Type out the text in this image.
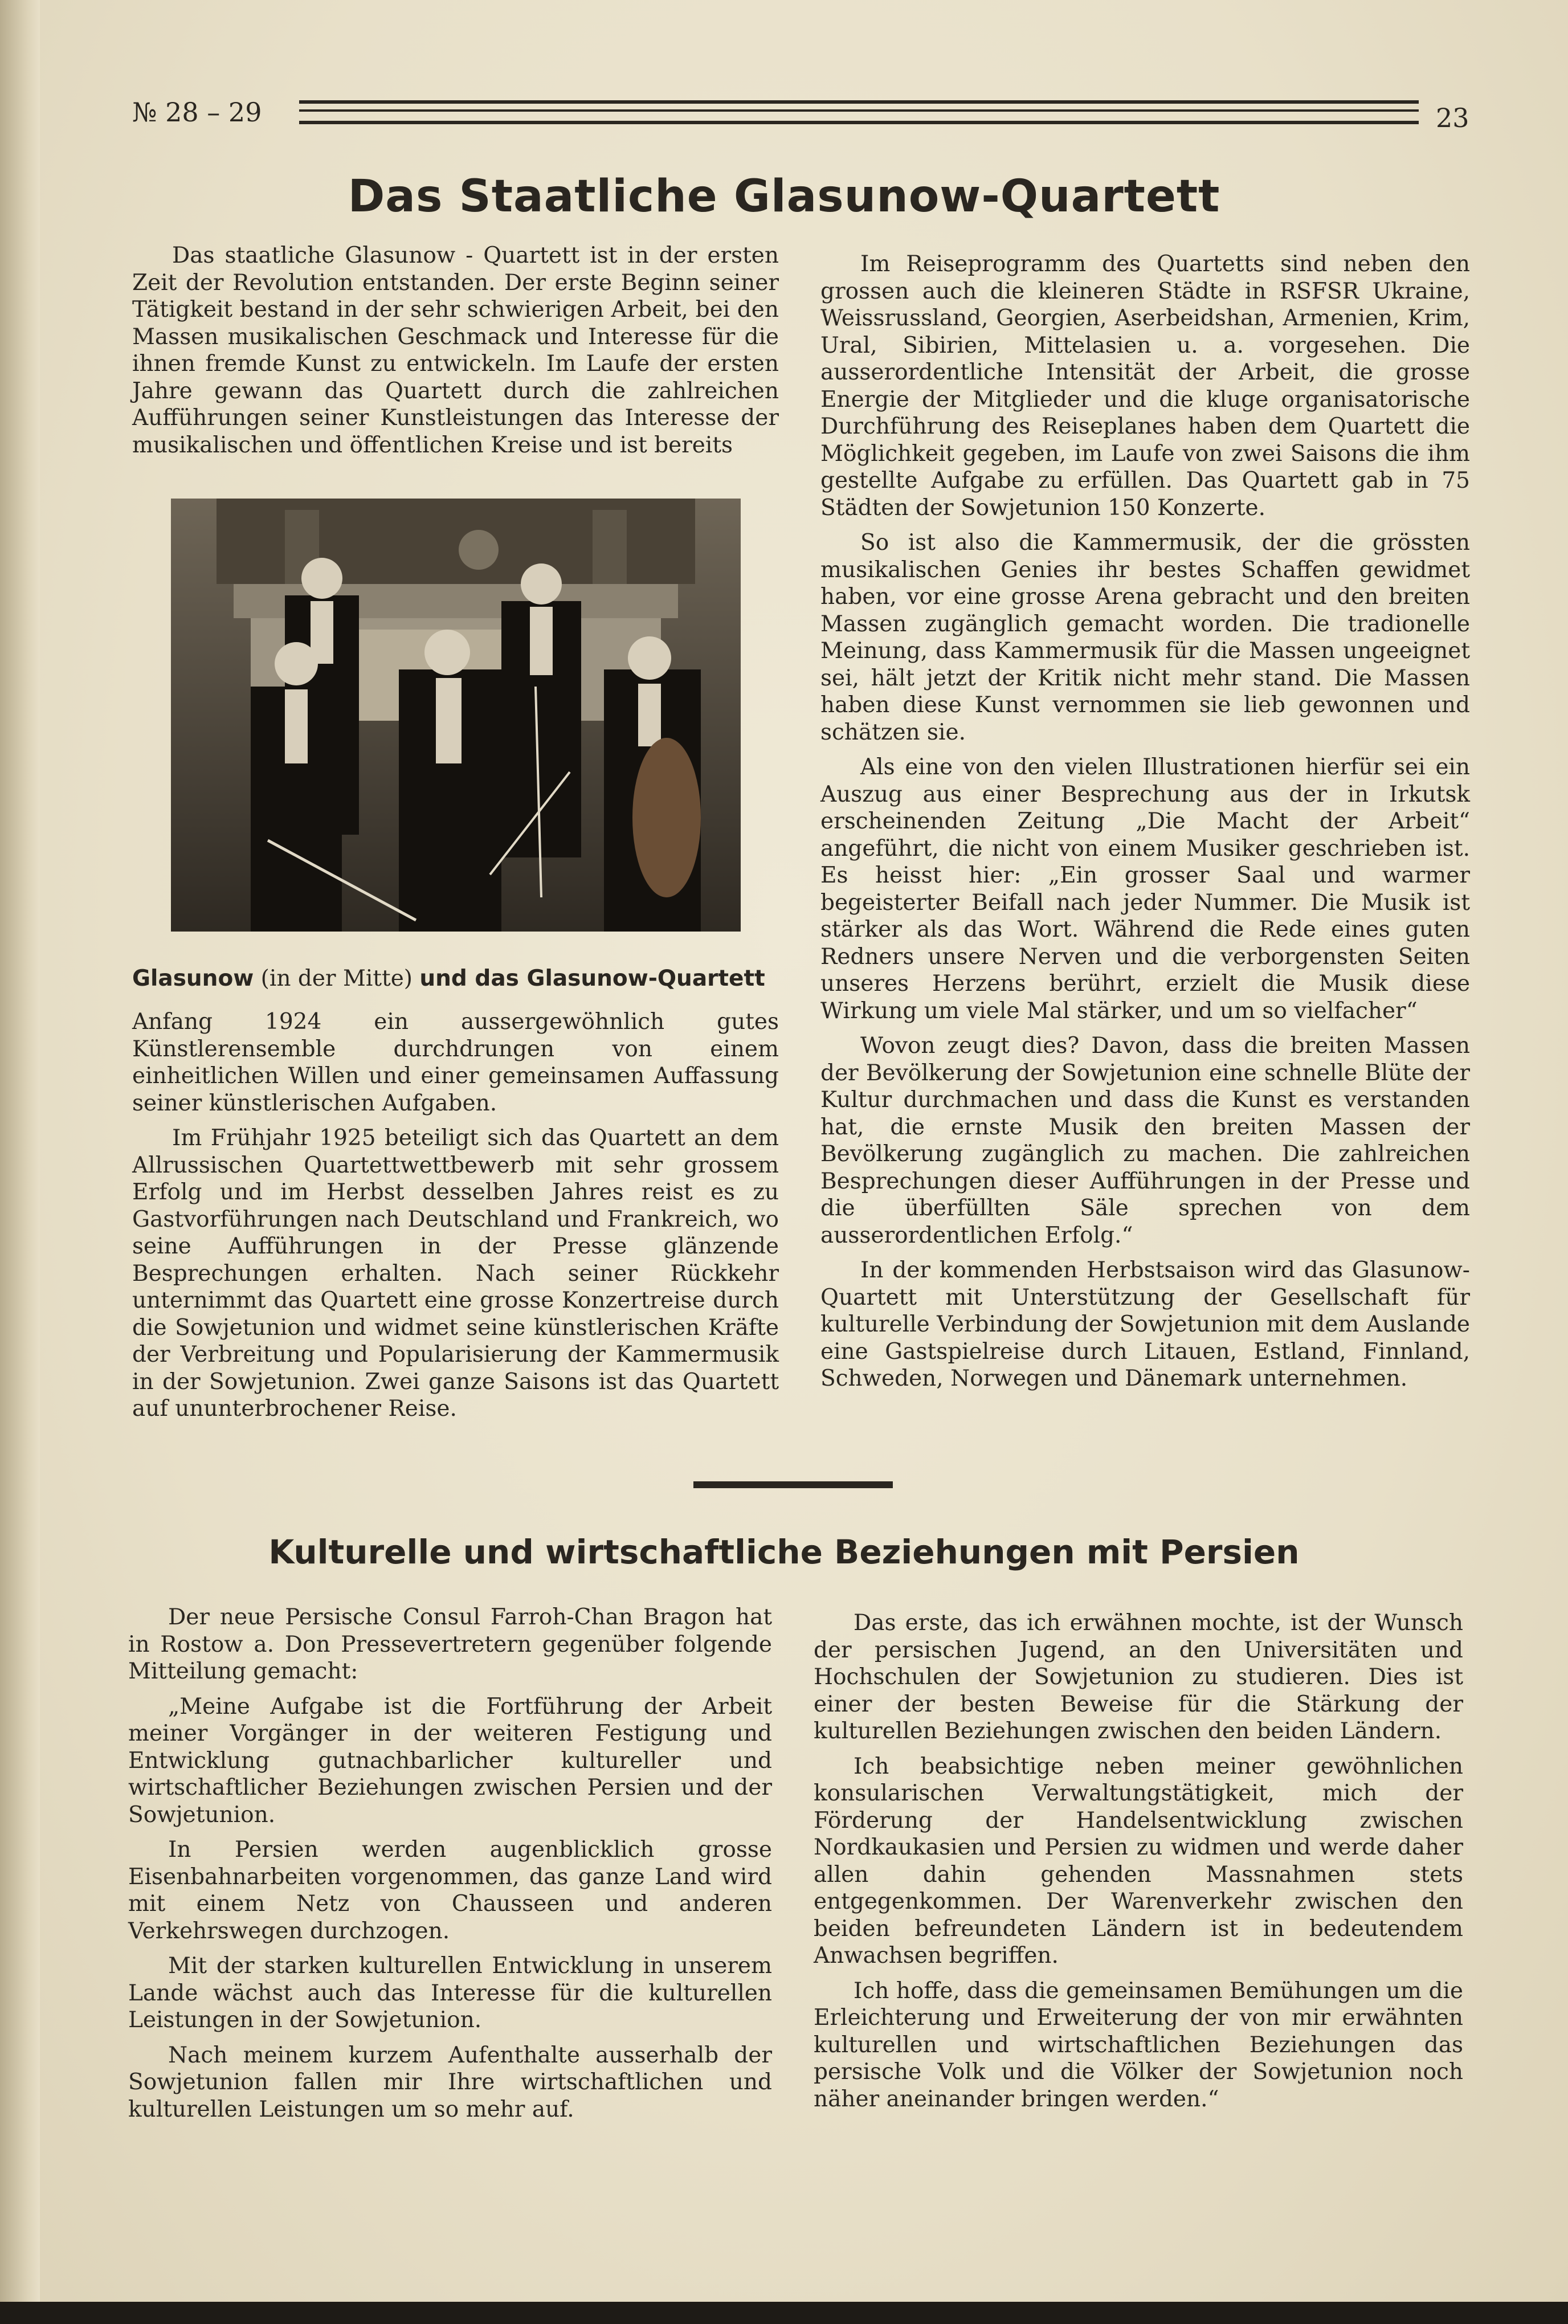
№ 28 – 29	23
Das Staatliche Glasunow-Quartett

Das staatliche Glasunow - Quartett ist in der ersten Zeit der Revolution entstanden. Der erste Beginn seiner Tätigkeit bestand in der sehr schwierigen Arbeit, bei den Massen musikalischen Geschmack und Interesse für die ihnen fremde Kunst zu entwickeln. Im Laufe der ersten Jahre gewann das Quartett durch die zahlreichen Aufführungen seiner Kunstleistungen das Interesse der musikalischen und öffentlichen Kreise und ist bereits

Glasunow (in der Mitte) und das Glasunow-Quartett

Anfang 1924 ein aussergewöhnlich gutes Künstlerensemble durchdrungen von einem einheitlichen Willen und einer gemeinsamen Auffassung seiner künstlerischen Aufgaben.

Im Frühjahr 1925 beteiligt sich das Quartett an dem Allrussischen Quartettwettbewerb mit sehr grossem Erfolg und im Herbst desselben Jahres reist es zu Gastvorführungen nach Deutschland und Frankreich, wo seine Aufführungen in der Presse glänzende Besprechungen erhalten. Nach seiner Rückkehr unternimmt das Quartett eine grosse Konzertreise durch die Sowjetunion und widmet seine künstlerischen Kräfte der Verbreitung und Popularisierung der Kammermusik in der Sowjetunion. Zwei ganze Saisons ist das Quartett auf ununterbrochener Reise.

Im Reiseprogramm des Quartetts sind neben den grossen auch die kleineren Städte in RSFSR Ukraine, Weissrussland, Georgien, Aserbeidshan, Armenien, Krim, Ural, Sibirien, Mittelasien u. a. vorgesehen. Die ausserordentliche Intensität der Arbeit, die grosse Energie der Mitglieder und die kluge organisatorische Durchführung des Reiseplanes haben dem Quartett die Möglichkeit gegeben, im Laufe von zwei Saisons die ihm gestellte Aufgabe zu erfüllen. Das Quartett gab in 75 Städten der Sowjetunion 150 Konzerte.

So ist also die Kammermusik, der die grössten musikalischen Genies ihr bestes Schaffen gewidmet haben, vor eine grosse Arena gebracht und den breiten Massen zugänglich gemacht worden. Die tradionelle Meinung, dass Kammermusik für die Massen ungeeignet sei, hält jetzt der Kritik nicht mehr stand. Die Massen haben diese Kunst vernommen sie lieb gewonnen und schätzen sie.

Als eine von den vielen Illustrationen hierfür sei ein Auszug aus einer Besprechung aus der in Irkutsk erscheinenden Zeitung „Die Macht der Arbeit“ angeführt, die nicht von einem Musiker geschrieben ist. Es heisst hier: „Ein grosser Saal und warmer begeisterter Beifall nach jeder Nummer. Die Musik ist stärker als das Wort. Während die Rede eines guten Redners unsere Nerven und die verborgensten Seiten unseres Herzens berührt, erzielt die Musik diese Wirkung um viele Mal stärker, und um so vielfacher“

Wovon zeugt dies? Davon, dass die breiten Massen der Bevölkerung der Sowjetunion eine schnelle Blüte der Kultur durchmachen und dass die Kunst es verstanden hat, die ernste Musik den breiten Massen der Bevölkerung zugänglich zu machen. Die zahlreichen Besprechungen dieser Aufführungen in der Presse und die überfüllten Säle sprechen von dem ausserordentlichen Erfolg.“

In der kommenden Herbstsaison wird das Glasunow-Quartett mit Unterstützung der Gesellschaft für kulturelle Verbindung der Sowjetunion mit dem Auslande eine Gastspielreise durch Litauen, Estland, Finnland, Schweden, Norwegen und Dänemark unternehmen.

Kulturelle und wirtschaftliche Beziehungen mit Persien

Der neue Persische Consul Farroh-Chan Bragon hat in Rostow a. Don Pressevertretern gegenüber folgende Mitteilung gemacht:

„Meine Aufgabe ist die Fortführung der Arbeit meiner Vorgänger in der weiteren Festigung und Entwicklung gutnachbarlicher kultureller und wirtschaftlicher Beziehungen zwischen Persien und der Sowjetunion.

In Persien werden augenblicklich grosse Eisenbahnarbeiten vorgenommen, das ganze Land wird mit einem Netz von Chausseen und anderen Verkehrswegen durchzogen.

Mit der starken kulturellen Entwicklung in unserem Lande wächst auch das Interesse für die kulturellen Leistungen in der Sowjetunion.

Nach meinem kurzem Aufenthalte ausserhalb der Sowjetunion fallen mir Ihre wirtschaftlichen und kulturellen Leistungen um so mehr auf.

Das erste, das ich erwähnen mochte, ist der Wunsch der persischen Jugend, an den Universitäten und Hochschulen der Sowjetunion zu studieren. Dies ist einer der besten Beweise für die Stärkung der kulturellen Beziehungen zwischen den beiden Ländern.

Ich beabsichtige neben meiner gewöhnlichen konsularischen Verwaltungstätigkeit, mich der Förderung der Handelsentwicklung zwischen Nordkaukasien und Persien zu widmen und werde daher allen dahin gehenden Massnahmen stets entgegenkommen. Der Warenverkehr zwischen den beiden befreundeten Ländern ist in bedeutendem Anwachsen begriffen.

Ich hoffe, dass die gemeinsamen Bemühungen um die Erleichterung und Erweiterung der von mir erwähnten kulturellen und wirtschaftlichen Beziehungen das persische Volk und die Völker der Sowjetunion noch näher aneinander bringen werden.“
